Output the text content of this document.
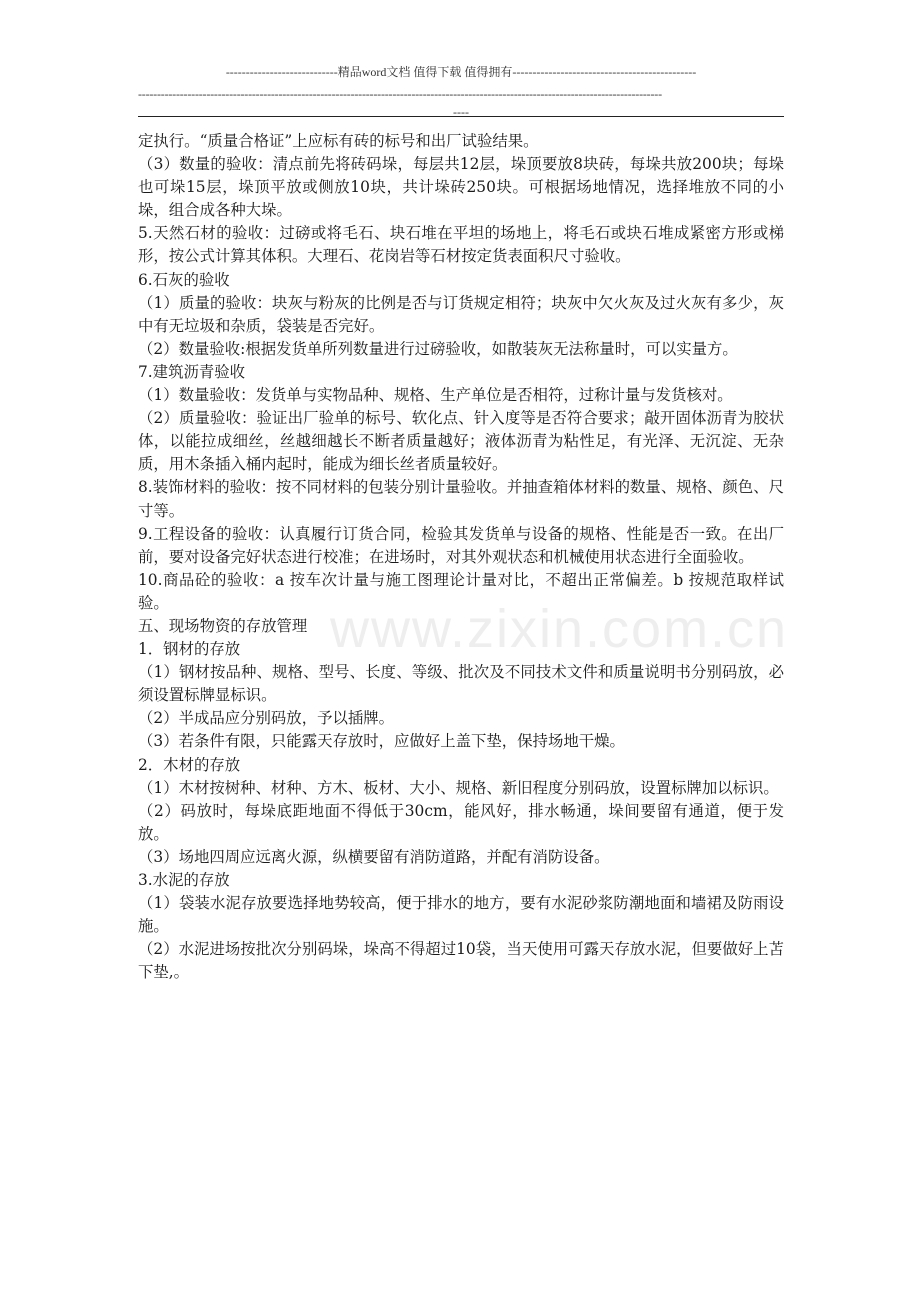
----------------------------精品word文档 值得下载 值得拥有----------------------------------------------
------------------------------------------------------------------------------------------------------------------------------------------
----
www.zixin.com.cn

定执行。“质量合格证”上应标有砖的标号和出厂试验结果。

（3）数量的验收：清点前先将砖码垛，每层共12层，垛顶要放8块砖，每垛共放200块；每垛也可垛15层，垛顶平放或侧放10块，共计垛砖250块。可根据场地情况，选择堆放不同的小垛，组合成各种大垛。

5.天然石材的验收：过磅或将毛石、块石堆在平坦的场地上，将毛石或块石堆成紧密方形或梯形，按公式计算其体积。大理石、花岗岩等石材按定货表面积尺寸验收。

6.石灰的验收

（1）质量的验收：块灰与粉灰的比例是否与订货规定相符；块灰中欠火灰及过火灰有多少，灰中有无垃圾和杂质，袋装是否完好。

（2）数量验收:根据发货单所列数量进行过磅验收，如散装灰无法称量时，可以实量方。

7.建筑沥青验收

（1）数量验收：发货单与实物品种、规格、生产单位是否相符，过称计量与发货核对。

（2）质量验收：验证出厂验单的标号、软化点、针入度等是否符合要求；敲开固体沥青为胶状体，以能拉成细丝，丝越细越长不断者质量越好；液体沥青为粘性足，有光泽、无沉淀、无杂质，用木条插入桶内起时，能成为细长丝者质量较好。

8.装饰材料的验收：按不同材料的包装分别计量验收。并抽查箱体材料的数量、规格、颜色、尺寸等。

9.工程设备的验收：认真履行订货合同，检验其发货单与设备的规格、性能是否一致。在出厂前，要对设备完好状态进行校准；在进场时，对其外观状态和机械使用状态进行全面验收。

10.商品砼的验收：a 按车次计量与施工图理论计量对比，不超出正常偏差。b 按规范取样试验。

五、现场物资的存放管理

1．钢材的存放

（1）钢材按品种、规格、型号、长度、等级、批次及不同技术文件和质量说明书分别码放，必须设置标牌显标识。

（2）半成品应分别码放，予以插牌。

（3）若条件有限，只能露天存放时，应做好上盖下垫，保持场地干燥。

2．木材的存放

（1）木材按树种、材种、方木、板材、大小、规格、新旧程度分别码放，设置标牌加以标识。

（2）码放时，每垛底距地面不得低于30cm，能风好，排水畅通，垛间要留有通道，便于发放。

（3）场地四周应远离火源，纵横要留有消防道路，并配有消防设备。

3.水泥的存放

（1）袋装水泥存放要选择地势较高，便于排水的地方，要有水泥砂浆防潮地面和墙裙及防雨设施。

（2）水泥进场按批次分别码垛，垛高不得超过10袋，当天使用可露天存放水泥，但要做好上苫下垫,。
